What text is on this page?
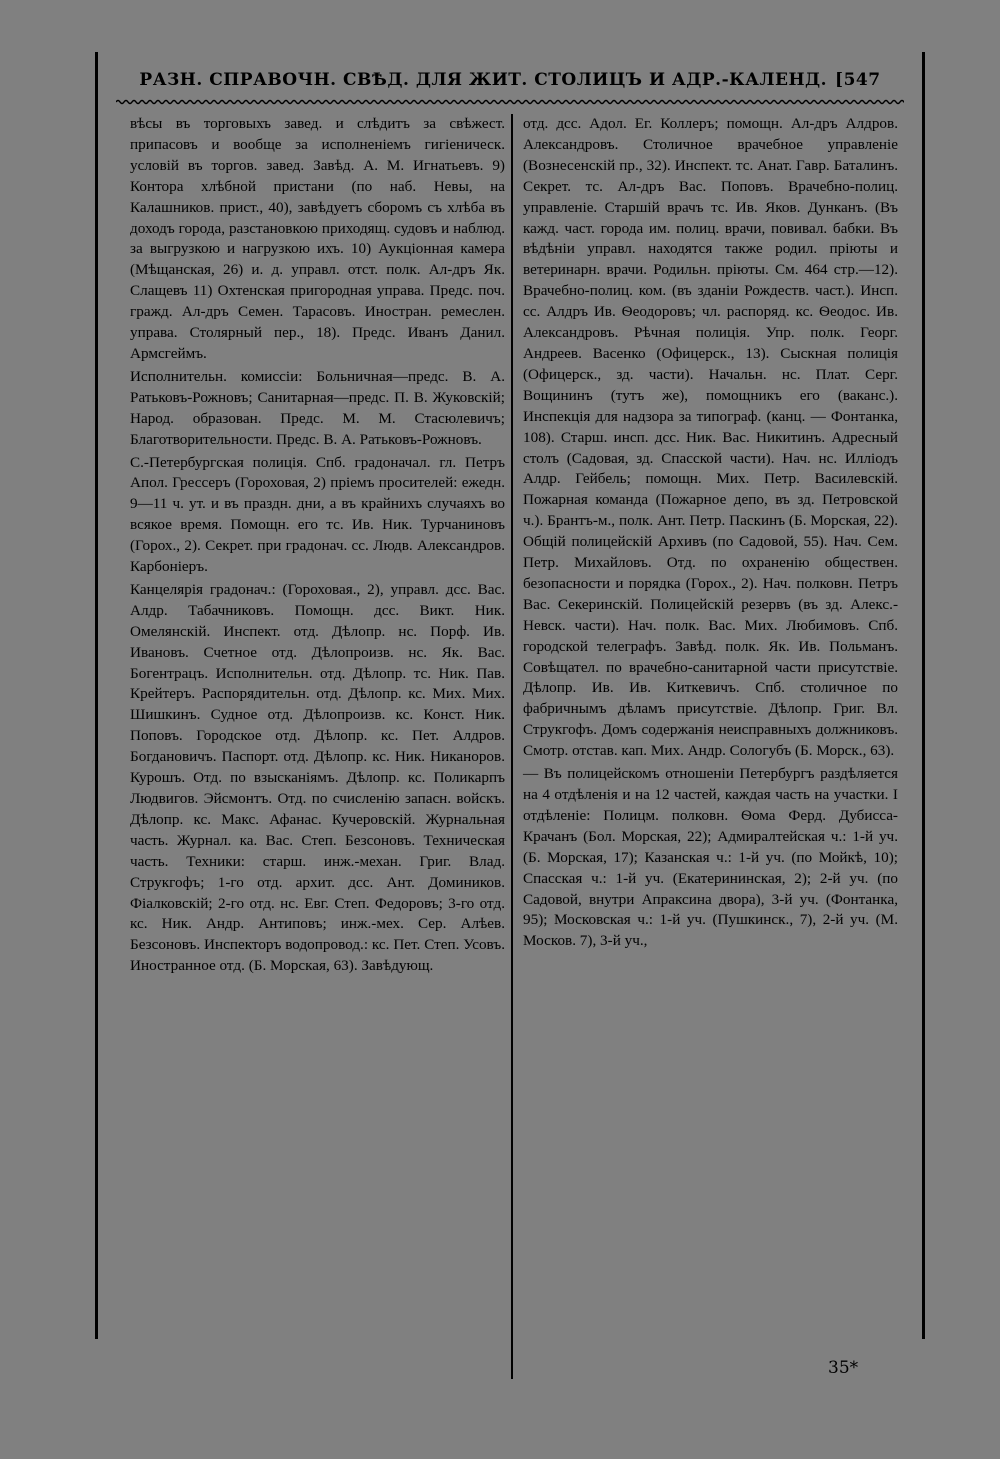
РАЗН. СПРАВОЧН. СВѢД. ДЛЯ ЖИТ. СТОЛИЦЪ И АДР.-КАЛЕНД. [547

вѣсы въ торговыхъ завед. и слѣдитъ за свѣжест. припасовъ и вообще за исполненіемъ гигіеническ. условій въ торгов. завед. Завѣд. А. М. Игнатьевъ. 9) Контора хлѣбной пристани (по наб. Невы, на Калашников. прист., 40), завѣдуетъ сборомъ съ хлѣба въ доходъ города, разстановкою приходящ. судовъ и наблюд. за выгрузкою и нагрузкою ихъ. 10) Аукціонная камера (Мѣщанская, 26) и. д. управл. отст. полк. Ал-дръ Як. Слащевъ 11) Охтенская пригородная управа. Предс. поч. гражд. Ал-дръ Семен. Тарасовъ. Иностран. ремеслен. управа. Столярный пер., 18). Предс. Иванъ Данил. Армсгеймъ.

Исполнительн. комиссіи: Больничная—предс. В. А. Ратьковъ-Рожновъ; Санитарная—предс. П. В. Жуковскій; Народ. образован. Предс. М. М. Стасюлевичъ; Благотворительности. Предс. В. А. Ратьковъ-Рожновъ.

С.-Петербургская полиція. Спб. градоначал. гл. Петръ Апол. Грессеръ (Гороховая, 2) пріемъ просителей: ежедн. 9—11 ч. ут. и въ праздн. дни, а въ крайнихъ случаяхъ во всякое время. Помощн. его тс. Ив. Ник. Турчаниновъ (Горох., 2). Секрет. при градонач. сс. Людв. Александров. Карбоніеръ.

Канцелярія градонач.: (Гороховая., 2), управл. дсс. Вас. Алдр. Табачниковъ. Помощн. дсс. Викт. Ник. Омелянскій. Инспект. отд. Дѣлопр. нс. Порф. Ив. Ивановъ. Счетное отд. Дѣлопроизв. нс. Як. Вас. Богентрацъ. Исполнительн. отд. Дѣлопр. тс. Ник. Пав. Крейтеръ. Распорядительн. отд. Дѣлопр. кс. Мих. Мих. Шишкинъ. Судное отд. Дѣлопроизв. кс. Конст. Ник. Поповъ. Городское отд. Дѣлопр. кс. Пет. Алдров. Богдановичъ. Паспорт. отд. Дѣлопр. кс. Ник. Никаноров. Курошъ. Отд. по взысканіямъ. Дѣлопр. кс. Поликарпъ Людвигов. Эйсмонтъ. Отд. по счисленію запасн. войскъ. Дѣлопр. кс. Макс. Афанас. Кучеровскій. Журнальная часть. Журнал. ка. Вас. Степ. Безсоновъ. Техническая часть. Техники: старш. инж.-механ. Григ. Влад. Струкгофъ; 1-го отд. архит. дсс. Ант. Домиников. Фіалковскій; 2-го отд. нс. Евг. Степ. Федоровъ; 3-го отд. кс. Ник. Андр. Антиповъ; инж.-мех. Сер. Алѣев. Безсоновъ. Инспекторъ водопровод.: кс. Пет. Степ. Усовъ. Иностранное отд. (Б. Морская, 63). Завѣдующ.

отд. дсс. Адол. Ег. Коллеръ; помощн. Ал-дръ Алдров. Александровъ. Столичное врачебное управленіе (Вознесенскій пр., 32). Инспект. тс. Анат. Гавр. Баталинъ. Секрет. тс. Ал-дръ Вас. Поповъ. Врачебно-полиц. управленіе. Старшій врачъ тс. Ив. Яков. Дунканъ. (Въ кажд. част. города им. полиц. врачи, повивал. бабки. Въ вѣдѣніи управл. находятся также родил. пріюты и ветеринарн. врачи. Родильн. пріюты. См. 464 стр.—12). Врачебно-полиц. ком. (въ зданіи Рождеств. част.). Инсп. сс. Алдръ Ив. Ѳеодоровъ; чл. распоряд. кс. Ѳеодос. Ив. Александровъ. Рѣчная полиція. Упр. полк. Георг. Андреев. Васенко (Офицерск., 13). Сыскная полиція (Офицерск., зд. части). Начальн. нс. Плат. Серг. Вощининъ (тутъ же), помощникъ его (ваканс.). Инспекція для надзора за типограф. (канц. — Фонтанка, 108). Старш. инсп. дсс. Ник. Вас. Никитинъ. Адресный столъ (Садовая, зд. Спасской части). Нач. нс. Илліодъ Алдр. Гейбель; помощн. Мих. Петр. Василевскій. Пожарная команда (Пожарное депо, въ зд. Петровской ч.). Брантъ-м., полк. Ант. Петр. Паскинъ (Б. Морская, 22). Общій полицейскій Архивъ (по Садовой, 55). Нач. Сем. Петр. Михайловъ. Отд. по охраненію обществен. безопасности и порядка (Горох., 2). Нач. полковн. Петръ Вас. Секеринскій. Полицейскій резервъ (въ зд. Алекс.-Невск. части). Нач. полк. Вас. Мих. Любимовъ. Спб. городской телеграфъ. Завѣд. полк. Як. Ив. Польманъ. Совѣщател. по врачебно-санитарной части присутствіе. Дѣлопр. Ив. Ив. Киткевичъ. Спб. столичное по фабричнымъ дѣламъ присутствіе. Дѣлопр. Григ. Вл. Струкгофъ. Домъ содержанія неисправныхъ должниковъ. Смотр. отстав. кап. Мих. Андр. Сологубъ (Б. Морск., 63).

— Въ полицейскомъ отношеніи Петербургъ раздѣляется на 4 отдѣленія и на 12 частей, каждая часть на участки. I отдѣленіе: Полицм. полковн. Ѳома Ферд. Дубисса-Крачанъ (Бол. Морская, 22); Адмиралтейская ч.: 1-й уч. (Б. Морская, 17); Казанская ч.: 1-й уч. (по Мойкѣ, 10); Спасская ч.: 1-й уч. (Екатерининская, 2); 2-й уч. (по Садовой, внутри Апраксина двора), 3-й уч. (Фонтанка, 95); Московская ч.: 1-й уч. (Пушкинск., 7), 2-й уч. (М. Москов. 7), 3-й уч.,

35*
